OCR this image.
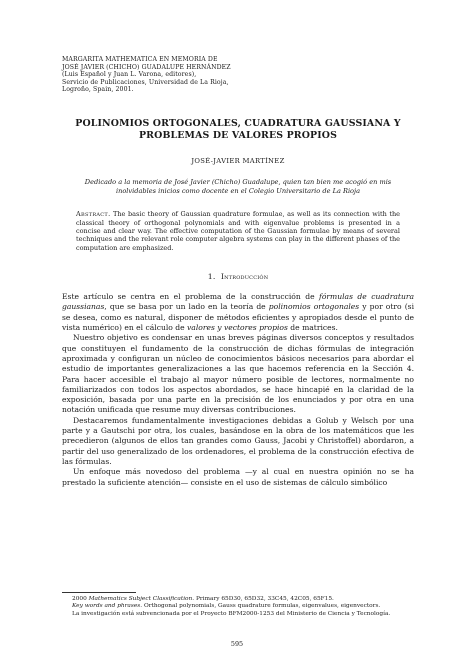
MARGARITA MATHEMATICA EN MEMORIA DE
JOSÉ JAVIER (CHICHO) GUADALUPE HERNÁNDEZ
(Luis Español y Juan L. Varona, editores),
Servicio de Publicaciones, Universidad de La Rioja,
Logroño, Spain, 2001.
POLINOMIOS ORTOGONALES, CUADRATURA GAUSSIANA Y
PROBLEMAS DE VALORES PROPIOS
JOSÉ-JAVIER MARTÍNEZ
Dedicado a la memoria de José Javier (Chicho) Guadalupe, quien tan bien me acogió en mis
inolvidables inicios como docente en el Colegio Universitario de La Rioja
Abstract. The basic theory of Gaussian quadrature formulae, as well as its connection with the classical theory of orthogonal polynomials and with eigenvalue problems is presented in a concise and clear way. The effective computation of the Gaussian formulae by means of several techniques and the relevant role computer algebra systems can play in the different phases of the computation are emphasized.
1. Introducción

Este artículo se centra en el problema de la construcción de fórmulas de cuadratura gaussianas, que se basa por un lado en la teoría de polinomios ortogonales y por otro (si se desea, como es natural, disponer de métodos eficientes y apropiados desde el punto de vista numérico) en el cálculo de valores y vectores propios de matrices.

Nuestro objetivo es condensar en unas breves páginas diversos conceptos y resultados que constituyen el fundamento de la construcción de dichas fórmulas de integración aproximada y configuran un núcleo de conocimientos básicos necesarios para abordar el estudio de importantes generalizaciones a las que hacemos referencia en la Sección 4. Para hacer accesible el trabajo al mayor número posible de lectores, normalmente no familiarizados con todos los aspectos abordados, se hace hincapié en la claridad de la exposición, basada por una parte en la precisión de los enunciados y por otra en una notación unificada que resume muy diversas contribuciones.

Destacaremos fundamentalmente investigaciones debidas a Golub y Welsch por una parte y a Gautschi por otra, los cuales, basándose en la obra de los matemáticos que les precedieron (algunos de ellos tan grandes como Gauss, Jacobi y Christoffel) abordaron, a partir del uso generalizado de los ordenadores, el problema de la construcción efectiva de las fórmulas.

Un enfoque más novedoso del problema —y al cual en nuestra opinión no se ha prestado la suficiente atención— consiste en el uso de sistemas de cálculo simbólico

2000 Mathematics Subject Classification. Primary 65D30, 65D32, 33C45, 42C05, 65F15.

Key words and phrases. Orthogonal polynomials, Gauss quadrature formulas, eigenvalues, eigenvectors.

La investigación está subvencionada por el Proyecto BFM2000-1253 del Ministerio de Ciencia y Tecnología.

595
